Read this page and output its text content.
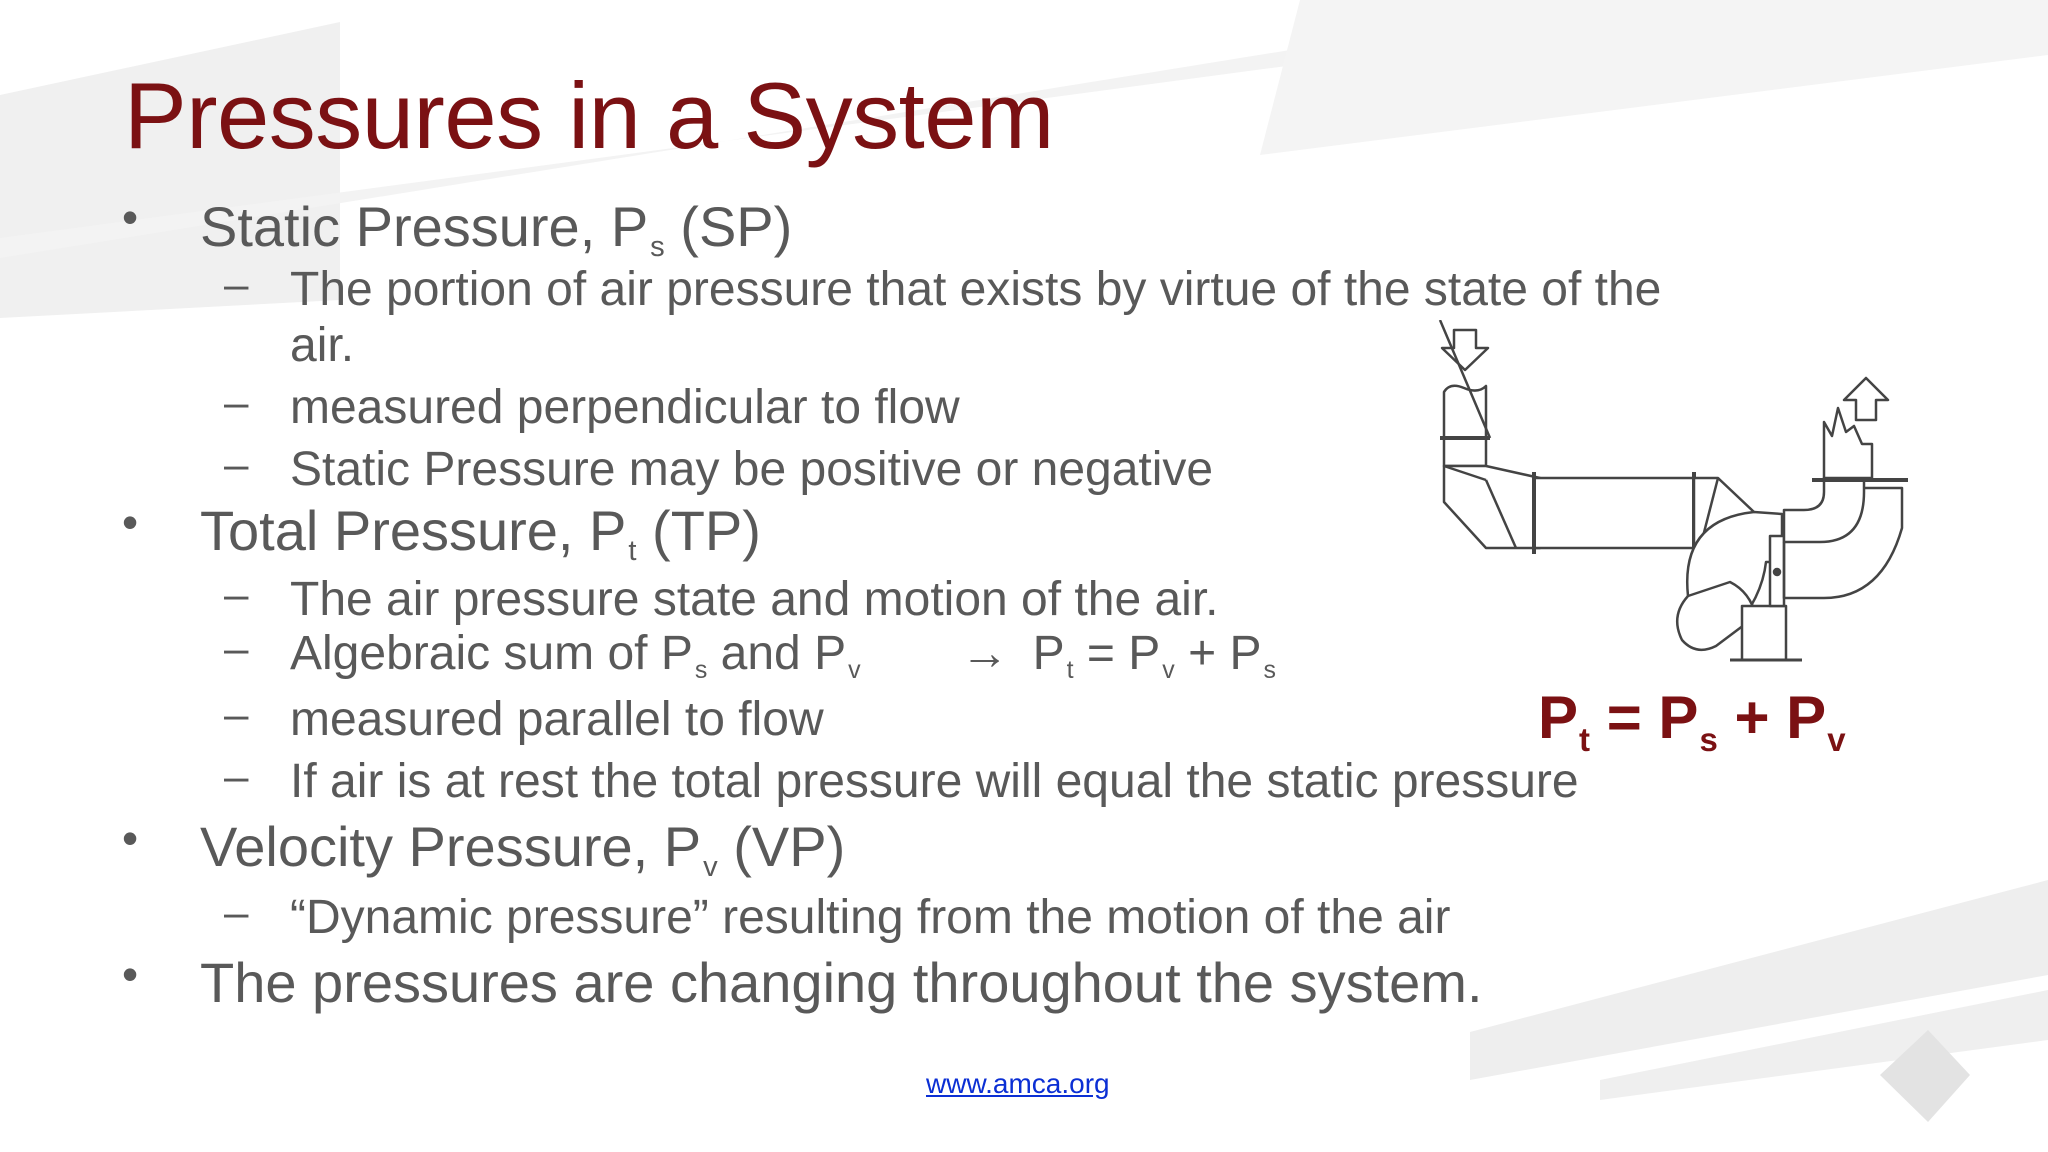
Pressures in a System
• Static Pressure, $P_s$ (SP)
– The portion of air pressure that exists by virtue of the state of the
air.
– measured perpendicular to flow
– Static Pressure may be positive or negative
• Total Pressure, $P_t$ (TP)
– The air pressure state and motion of the air.
– Algebraic sum of $P_s$ and $P_v \to P_t = P_v + P_s$
– measured parallel to flow
– If air is at rest the total pressure will equal the static pressure
• Velocity Pressure, $P_v$ (VP)
– “Dynamic pressure” resulting from the motion of the air
• The pressures are changing throughout the system.
$P_t = P_s + P_v$
www.amca.org
